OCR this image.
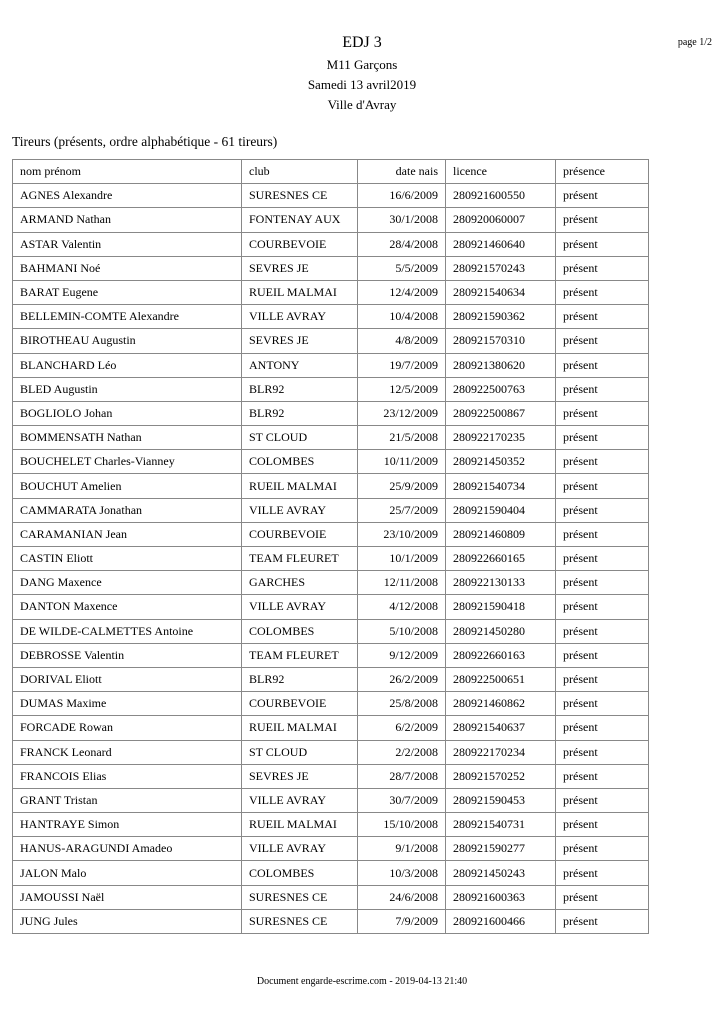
page 1/2
EDJ 3
M11 Garçons
Samedi 13 avril2019
Ville d'Avray
Tireurs (présents, ordre alphabétique - 61 tireurs)
nom prénom	club	date nais	licence	présence
AGNES Alexandre	SURESNES CE	16/6/2009	280921600550	présent
ARMAND Nathan	FONTENAY AUX	30/1/2008	280920060007	présent
ASTAR Valentin	COURBEVOIE	28/4/2008	280921460640	présent
BAHMANI Noé	SEVRES JE	5/5/2009	280921570243	présent
BARAT Eugene	RUEIL MALMAI	12/4/2009	280921540634	présent
BELLEMIN-COMTE Alexandre	VILLE AVRAY	10/4/2008	280921590362	présent
BIROTHEAU Augustin	SEVRES JE	4/8/2009	280921570310	présent
BLANCHARD Léo	ANTONY	19/7/2009	280921380620	présent
BLED Augustin	BLR92	12/5/2009	280922500763	présent
BOGLIOLO Johan	BLR92	23/12/2009	280922500867	présent
BOMMENSATH Nathan	ST CLOUD	21/5/2008	280922170235	présent
BOUCHELET Charles-Vianney	COLOMBES	10/11/2009	280921450352	présent
BOUCHUT Amelien	RUEIL MALMAI	25/9/2009	280921540734	présent
CAMMARATA Jonathan	VILLE AVRAY	25/7/2009	280921590404	présent
CARAMANIAN Jean	COURBEVOIE	23/10/2009	280921460809	présent
CASTIN Eliott	TEAM FLEURET	10/1/2009	280922660165	présent
DANG Maxence	GARCHES	12/11/2008	280922130133	présent
DANTON Maxence	VILLE AVRAY	4/12/2008	280921590418	présent
DE WILDE-CALMETTES Antoine	COLOMBES	5/10/2008	280921450280	présent
DEBROSSE Valentin	TEAM FLEURET	9/12/2009	280922660163	présent
DORIVAL Eliott	BLR92	26/2/2009	280922500651	présent
DUMAS Maxime	COURBEVOIE	25/8/2008	280921460862	présent
FORCADE Rowan	RUEIL MALMAI	6/2/2009	280921540637	présent
FRANCK Leonard	ST CLOUD	2/2/2008	280922170234	présent
FRANCOIS Elias	SEVRES JE	28/7/2008	280921570252	présent
GRANT Tristan	VILLE AVRAY	30/7/2009	280921590453	présent
HANTRAYE Simon	RUEIL MALMAI	15/10/2008	280921540731	présent
HANUS-ARAGUNDI Amadeo	VILLE AVRAY	9/1/2008	280921590277	présent
JALON Malo	COLOMBES	10/3/2008	280921450243	présent
JAMOUSSI Naël	SURESNES CE	24/6/2008	280921600363	présent
JUNG Jules	SURESNES CE	7/9/2009	280921600466	présent
Document engarde-escrime.com - 2019-04-13 21:40
